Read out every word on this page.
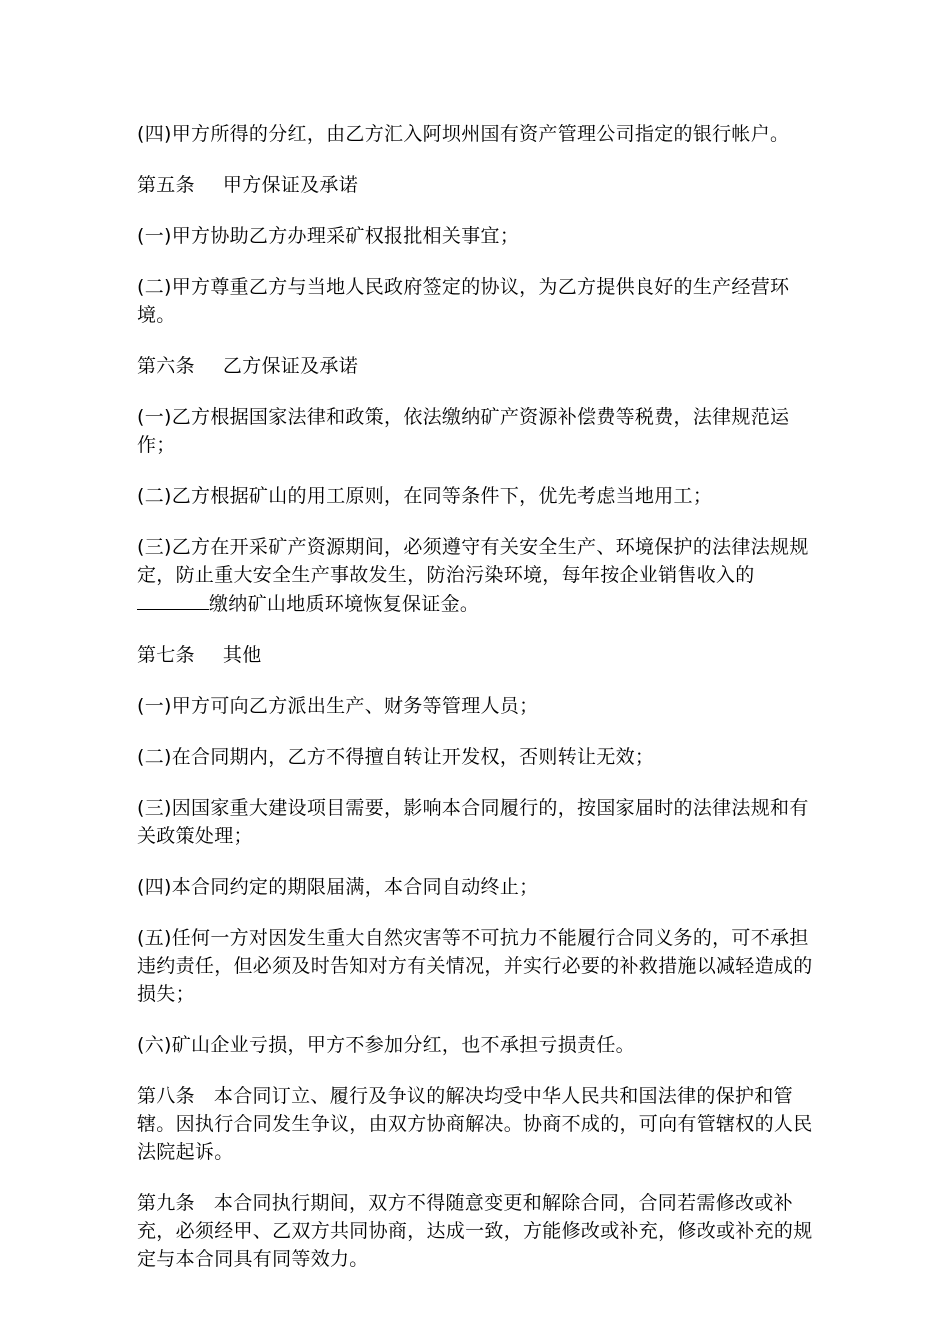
(四)甲方所得的分红，由乙方汇入阿坝州国有资产管理公司指定的银行帐户。

第五条 甲方保证及承诺

(一)甲方协助乙方办理采矿权报批相关事宜；

(二)甲方尊重乙方与当地人民政府签定的协议，为乙方提供良好的生产经营环境。

第六条 乙方保证及承诺

(一)乙方根据国家法律和政策，依法缴纳矿产资源补偿费等税费，法律规范运作；

(二)乙方根据矿山的用工原则，在同等条件下，优先考虑当地用工；

(三)乙方在开采矿产资源期间，必须遵守有关安全生产、环境保护的法律法规规定，防止重大安全生产事故发生，防治污染环境，每年按企业销售收入的缴纳矿山地质环境恢复保证金。

第七条 其他

(一)甲方可向乙方派出生产、财务等管理人员；

(二)在合同期内，乙方不得擅自转让开发权，否则转让无效；

(三)因国家重大建设项目需要，影响本合同履行的，按国家届时的法律法规和有关政策处理；

(四)本合同约定的期限届满，本合同自动终止；

(五)任何一方对因发生重大自然灾害等不可抗力不能履行合同义务的，可不承担违约责任，但必须及时告知对方有关情况，并实行必要的补救措施以减轻造成的损失；

(六)矿山企业亏损，甲方不参加分红，也不承担亏损责任。

第八条 本合同订立、履行及争议的解决均受中华人民共和国法律的保护和管辖。因执行合同发生争议，由双方协商解决。协商不成的，可向有管辖权的人民法院起诉。

第九条 本合同执行期间，双方不得随意变更和解除合同，合同若需修改或补充，必须经甲、乙双方共同协商，达成一致，方能修改或补充，修改或补充的规定与本合同具有同等效力。
